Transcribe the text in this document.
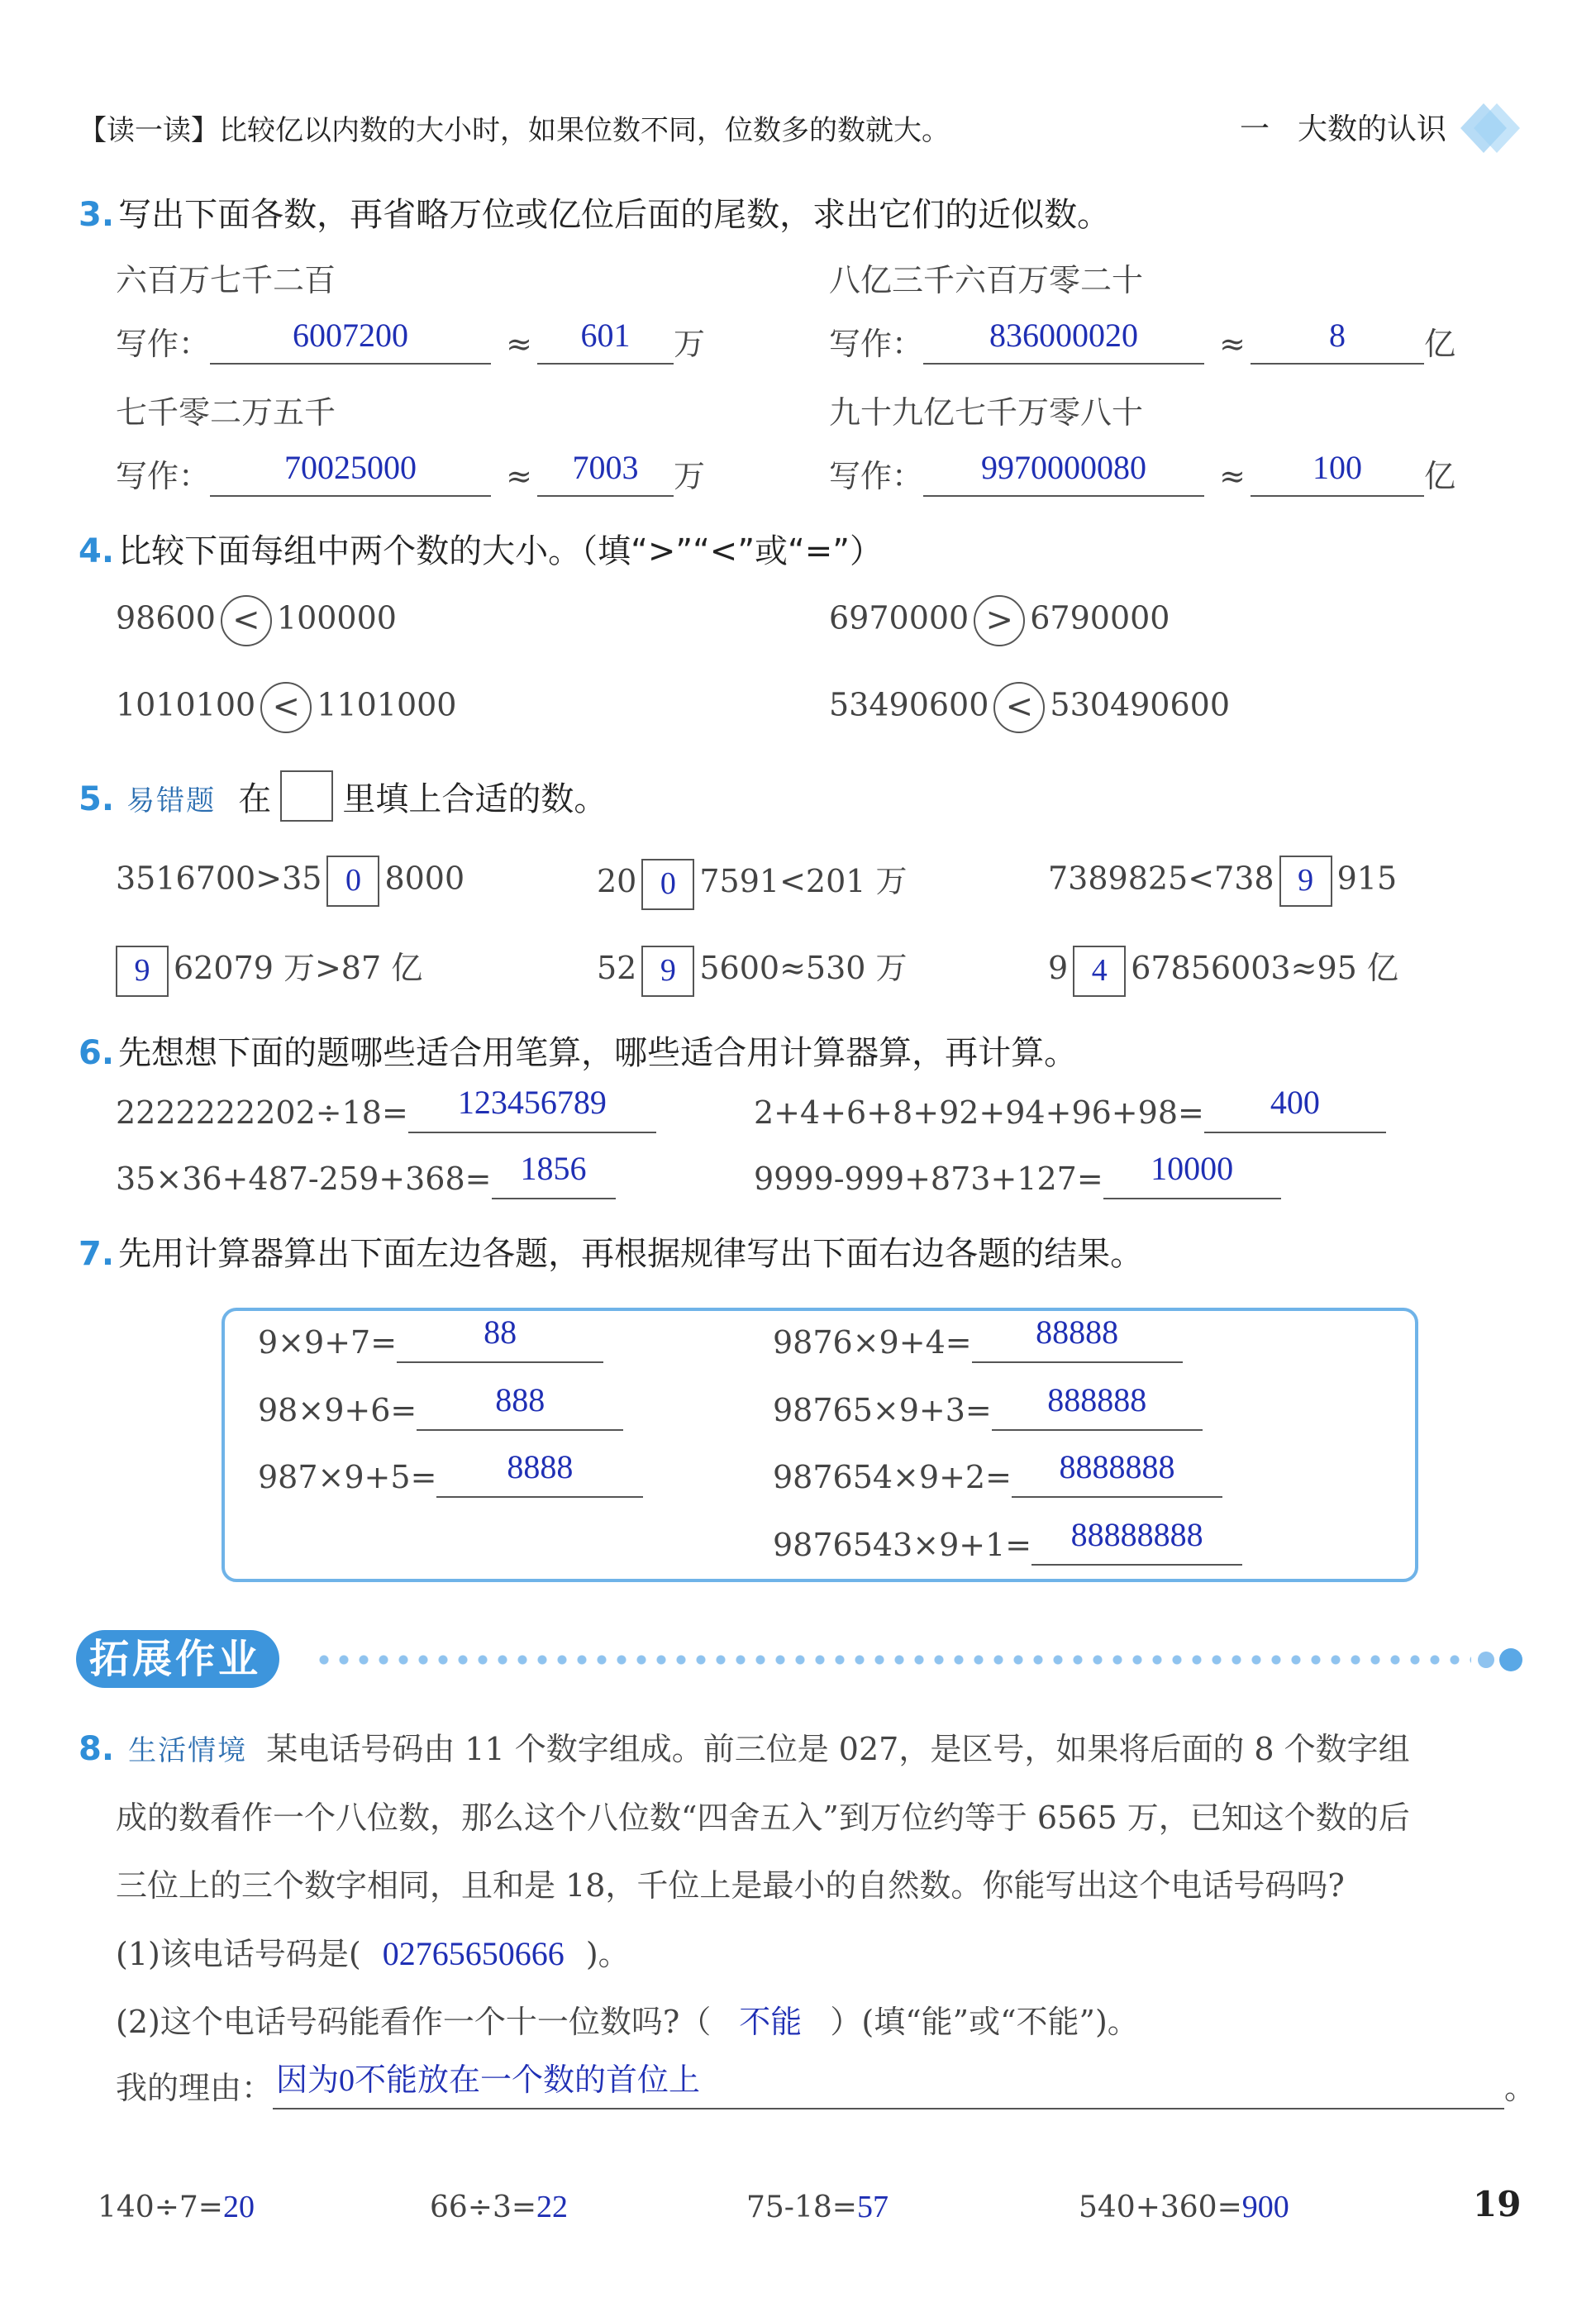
【读一读】比较亿以内数的大小时，如果位数不同，位数多的数就大。	一 大数的认识
3. 写出下面各数，再省略万位或亿位后面的尾数，求出它们的近似数。
六百万七千二百
写作：	6007200	≈ 601 万
八亿三千六百万零二十
写作： 836000020	≈	8	亿
七千零二万五千
写作： 70025000	≈ 7003 万
九十九亿七千万零八十
写作： 9970000080 ≈ 100 亿
4. 比较下面每组中两个数的大小。（填“>”“<”或“=”）
98600 < 100000	6970000 > 6790000
1010100 < 1101000	53490600 < 530490600
5. 易错题 在 里填上合适的数。
3516700>35 0 8000	20 0 7591<201 万	7389825<738 9 915
9 62079 万>87 亿	52 9 5600≈530 万	9 4 67856003≈95 亿
6. 先想想下面的题哪些适合用笔算，哪些适合用计算器算，再计算。
2222222202÷18= 123456789	2+4+6+8+92+94+96+98= 400
35×36+487-259+368= 1856	9999-999+873+127= 10000
7. 先用计算器算出下面左边各题，再根据规律写出下面右边各题的结果。
9×9+7=	88
98×9+6= 888
987×9+5= 8888
9876×9+4= 88888
98765×9+3= 888888
987654×9+2= 8888888
9876543×9+1= 88888888
拓展作业
8. 生活情境 某电话号码由 11 个数字组成。前三位是 027，是区号，如果将后面的 8 个数字组
成的数看作一个八位数，那么这个八位数“四舍五入”到万位约等于 6565 万，已知这个数的后
三位上的三个数字相同，且和是 18，千位上是最小的自然数。你能写出这个电话号码吗?
(1)该电话号码是( 02765650666 )。
(2)这个电话号码能看作一个十一位数吗?（ 不能 ）(填“能”或“不能”)。
我的理由： 因为0不能放在一个数的首位上	。
140÷7=20	66÷3=22	75-18=57	540+360=900	19
